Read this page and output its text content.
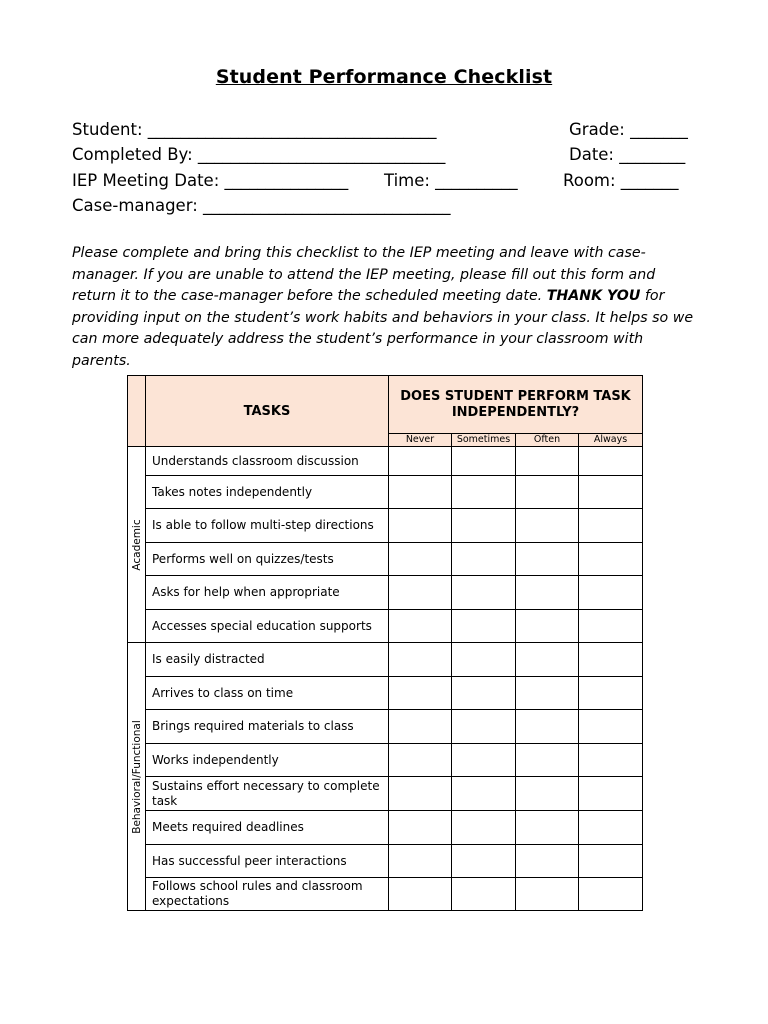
Student Performance Checklist
Student: ___________________________________	Grade: _______
Completed By: ______________________________	Date: ________
IEP Meeting Date: _______________ Time: __________	Room: _______
Case-manager: ______________________________
Please complete and bring this checklist to the IEP meeting and leave with case-manager. If you are unable to attend the IEP meeting, please fill out this form and return it to the case-manager before the scheduled meeting date. THANK YOU for providing input on the student’s work habits and behaviors in your class. It helps so we can more adequately address the student’s performance in your classroom with parents.
	TASKS	DOES STUDENT PERFORM TASK INDEPENDENTLY?			
		Never	Sometimes	Often	Always

Academic	Understands classroom discussion				
	Takes notes independently				
	Is able to follow multi-step directions				
	Performs well on quizzes/tests				
	Asks for help when appropriate				
	Accesses special education supports				

Behavioral/Functional	Is easily distracted				
	Arrives to class on time				
	Brings required materials to class				
	Works independently				
	Sustains effort necessary to complete task				
	Meets required deadlines				
	Has successful peer interactions				
	Follows school rules and classroom expectations				
